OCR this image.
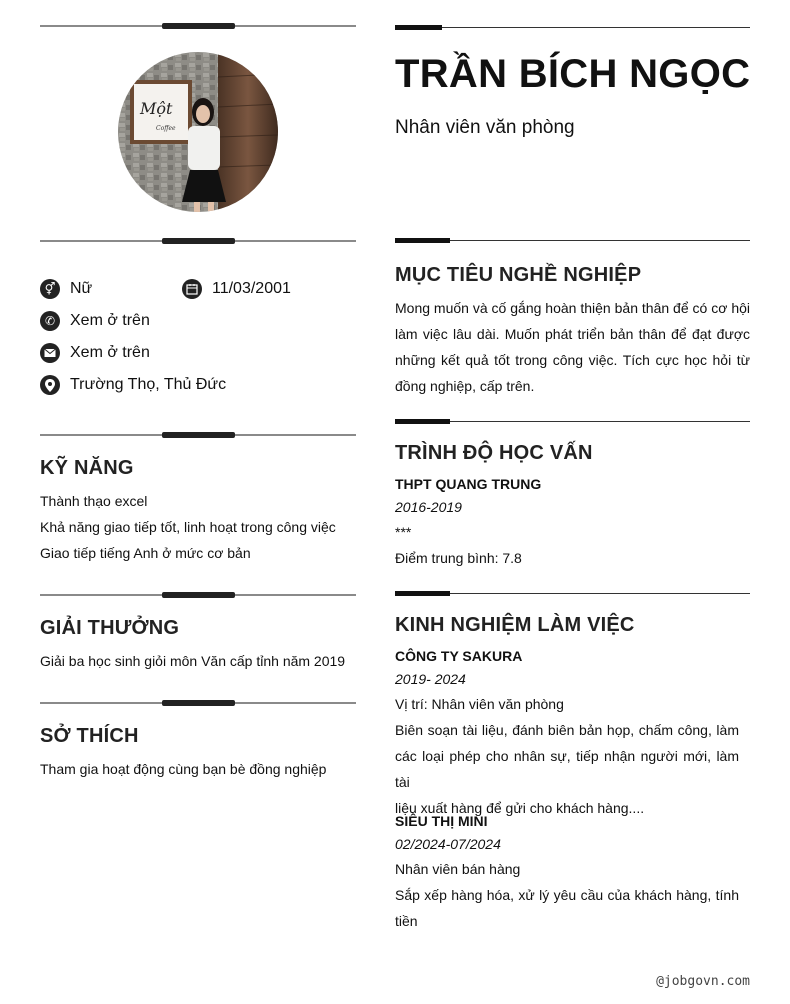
Một
Coffee
⚥ Nữ	11/03/2001
✆ Xem ở trên
Xem ở trên
Trường Thọ, Thủ Đức
KỸ NĂNG
Thành thạo excel
Khả năng giao tiếp tốt, linh hoạt trong công việc
Giao tiếp tiếng Anh ở mức cơ bản
GIẢI THƯỞNG
Giải ba học sinh giỏi môn Văn cấp tỉnh năm 2019
SỞ THÍCH
Tham gia hoạt động cùng bạn bè đồng nghiệp
TRẦN BÍCH NGỌC
Nhân viên văn phòng
MỤC TIÊU NGHỀ NGHIỆP
Mong muốn và cố gắng hoàn thiện bản thân để có cơ hội
làm việc lâu dài. Muốn phát triển bản thân để đạt được
những kết quả tốt trong công việc. Tích cực học hỏi từ
đồng nghiệp, cấp trên.
TRÌNH ĐỘ HỌC VẤN
THPT QUANG TRUNG
2016-2019
***
Điểm trung bình: 7.8
KINH NGHIỆM LÀM VIỆC
CÔNG TY SAKURA
2019- 2024
Vị trí: Nhân viên văn phòng
Biên soạn tài liệu, đánh biên bản họp, chấm công, làm
các loại phép cho nhân sự, tiếp nhận người mới, làm tài
liệu xuất hàng để gửi cho khách hàng....
SIÊU THỊ MINI
02/2024-07/2024
Nhân viên bán hàng
Sắp xếp hàng hóa, xử lý yêu cầu của khách hàng, tính
tiền
@jobgovn.com
